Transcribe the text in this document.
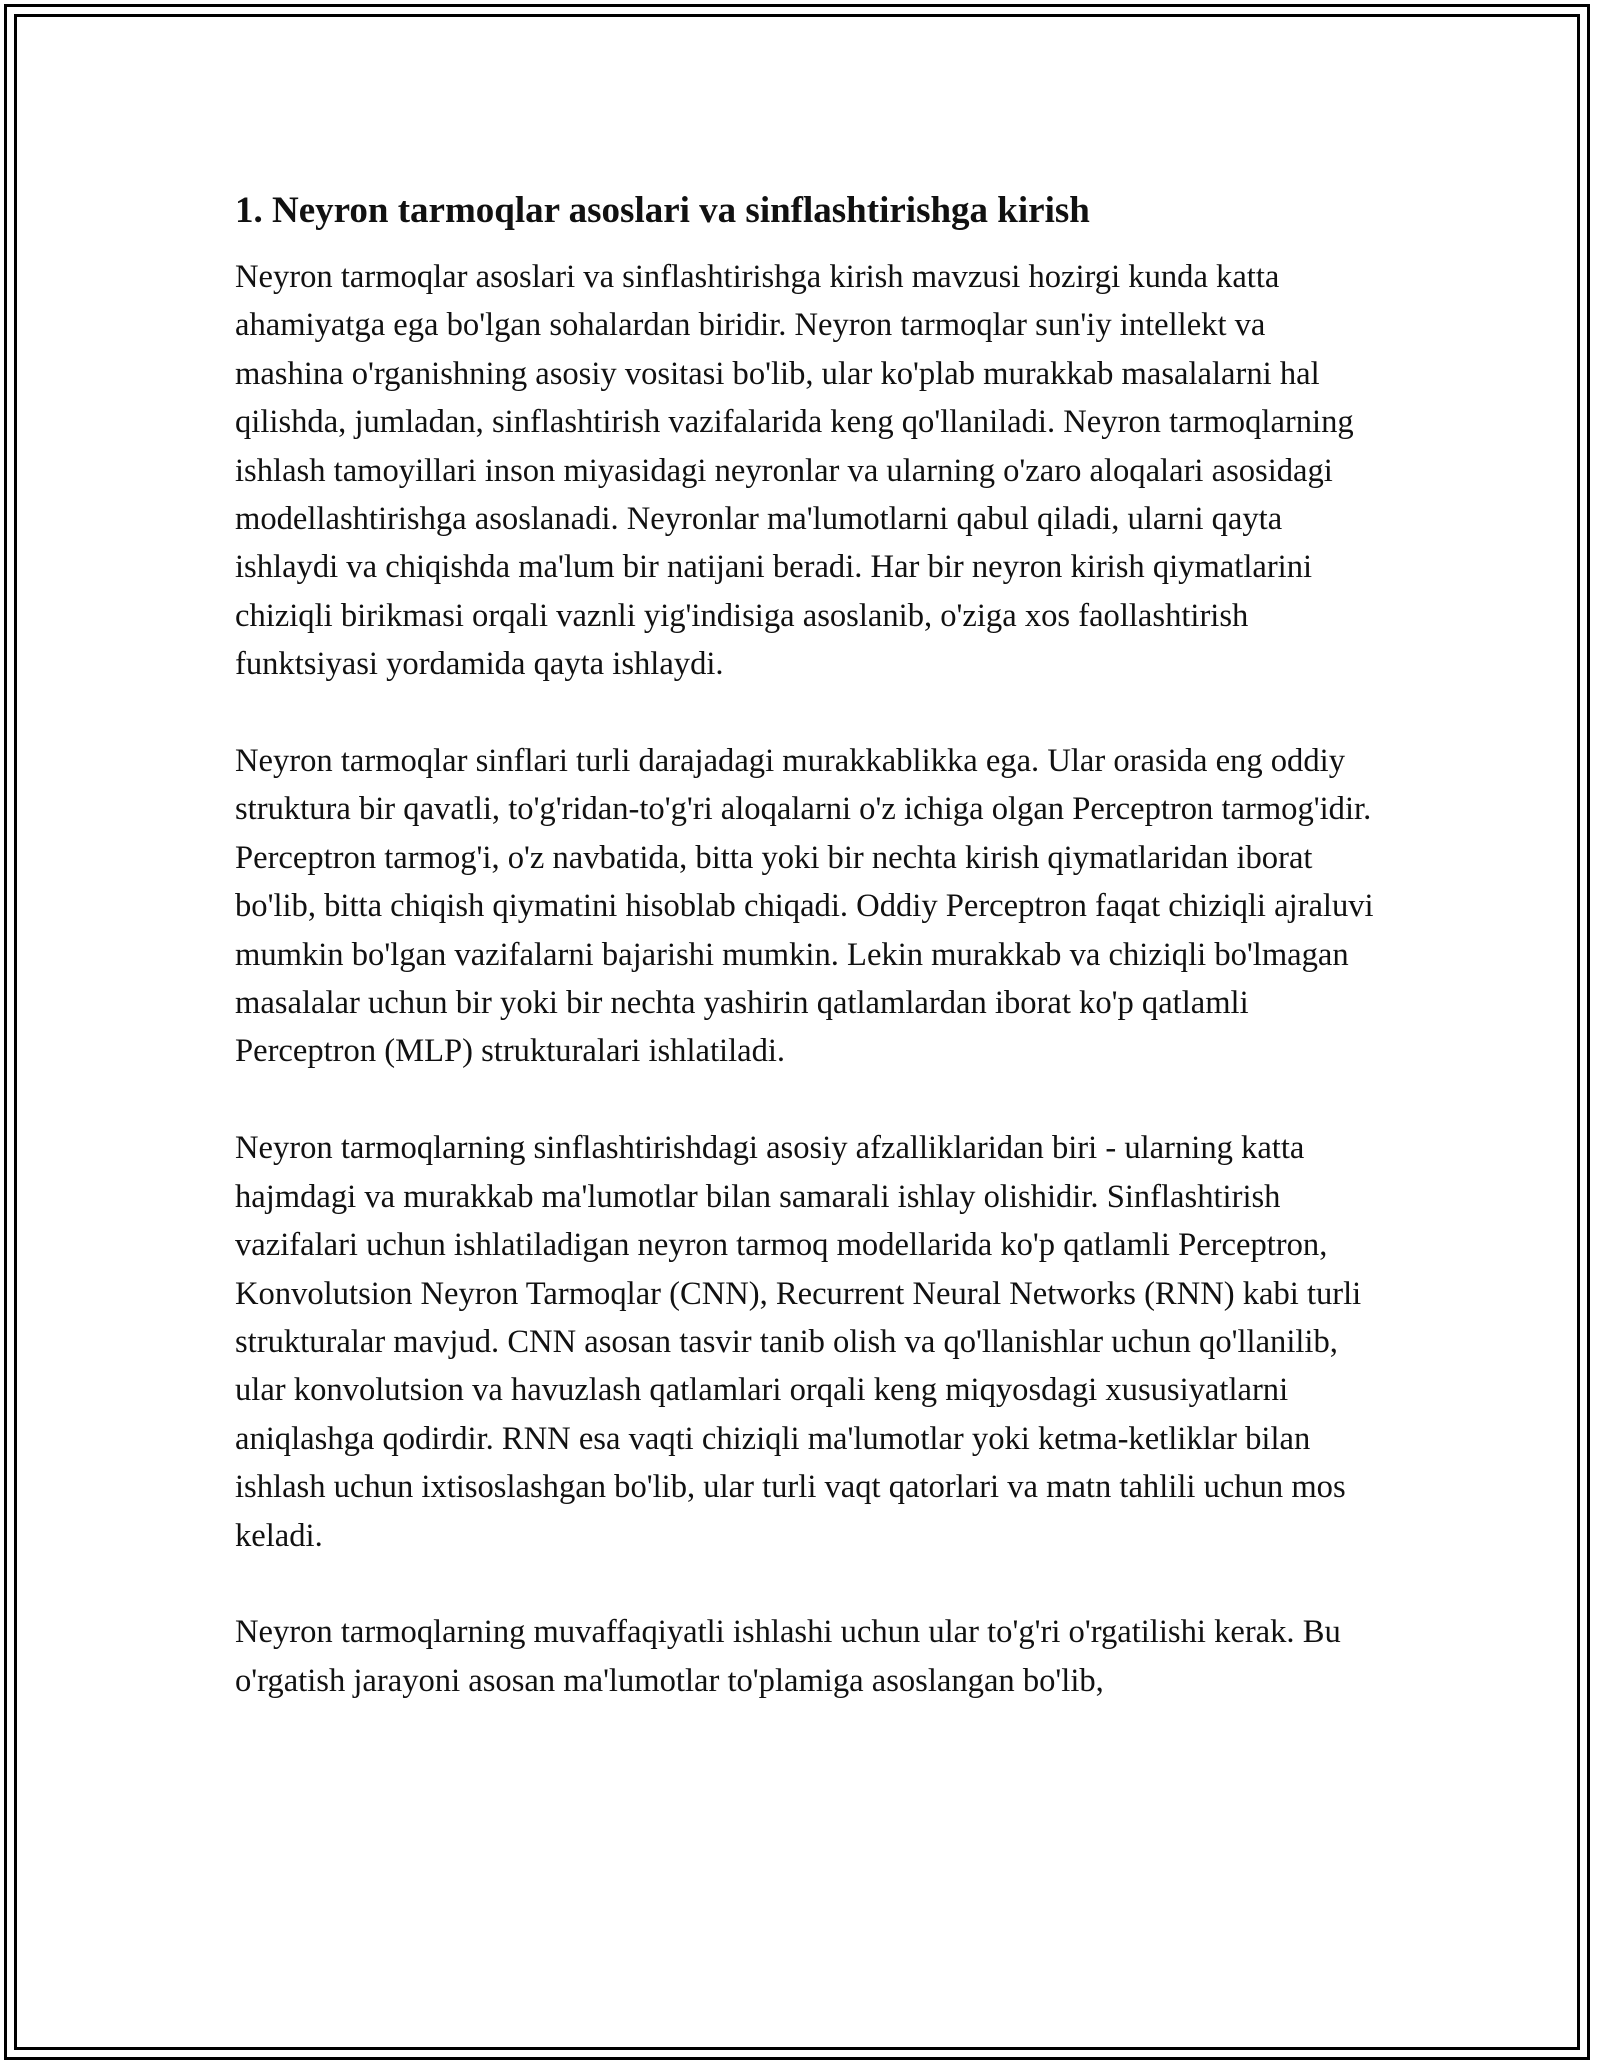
1. Neyron tarmoqlar asoslari va sinflashtirishga kirish

Neyron tarmoqlar asoslari va sinflashtirishga kirish mavzusi hozirgi kunda katta ahamiyatga ega bo'lgan sohalardan biridir. Neyron tarmoqlar sun'iy intellekt va mashina o'rganishning asosiy vositasi bo'lib, ular ko'plab murakkab masalalarni hal qilishda, jumladan, sinflashtirish vazifalarida keng qo'llaniladi. Neyron tarmoqlarning ishlash tamoyillari inson miyasidagi neyronlar va ularning o'zaro aloqalari asosidagi modellashtirishga asoslanadi. Neyronlar ma'lumotlarni qabul qiladi, ularni qayta ishlaydi va chiqishda ma'lum bir natijani beradi. Har bir neyron kirish qiymatlarini chiziqli birikmasi orqali vaznli yig'indisiga asoslanib, o'ziga xos faollashtirish funktsiyasi yordamida qayta ishlaydi.

Neyron tarmoqlar sinflari turli darajadagi murakkablikka ega. Ular orasida eng oddiy struktura bir qavatli, to'g'ridan-to'g'ri aloqalarni o'z ichiga olgan Perceptron tarmog'idir. Perceptron tarmog'i, o'z navbatida, bitta yoki bir nechta kirish qiymatlaridan iborat bo'lib, bitta chiqish qiymatini hisoblab chiqadi. Oddiy Perceptron faqat chiziqli ajraluvi mumkin bo'lgan vazifalarni bajarishi mumkin. Lekin murakkab va chiziqli bo'lmagan masalalar uchun bir yoki bir nechta yashirin qatlamlardan iborat ko'p qatlamli Perceptron (MLP) strukturalari ishlatiladi.

Neyron tarmoqlarning sinflashtirishdagi asosiy afzalliklaridan biri - ularning katta hajmdagi va murakkab ma'lumotlar bilan samarali ishlay olishidir. Sinflashtirish vazifalari uchun ishlatiladigan neyron tarmoq modellarida ko'p qatlamli Perceptron, Konvolutsion Neyron Tarmoqlar (CNN), Recurrent Neural Networks (RNN) kabi turli strukturalar mavjud. CNN asosan tasvir tanib olish va qo'llanishlar uchun qo'llanilib, ular konvolutsion va havuzlash qatlamlari orqali keng miqyosdagi xususiyatlarni aniqlashga qodirdir. RNN esa vaqti chiziqli ma'lumotlar yoki ketma-ketliklar bilan ishlash uchun ixtisoslashgan bo'lib, ular turli vaqt qatorlari va matn tahlili uchun mos keladi.

Neyron tarmoqlarning muvaffaqiyatli ishlashi uchun ular to'g'ri o'rgatilishi kerak. Bu o'rgatish jarayoni asosan ma'lumotlar to'plamiga asoslangan bo'lib,
